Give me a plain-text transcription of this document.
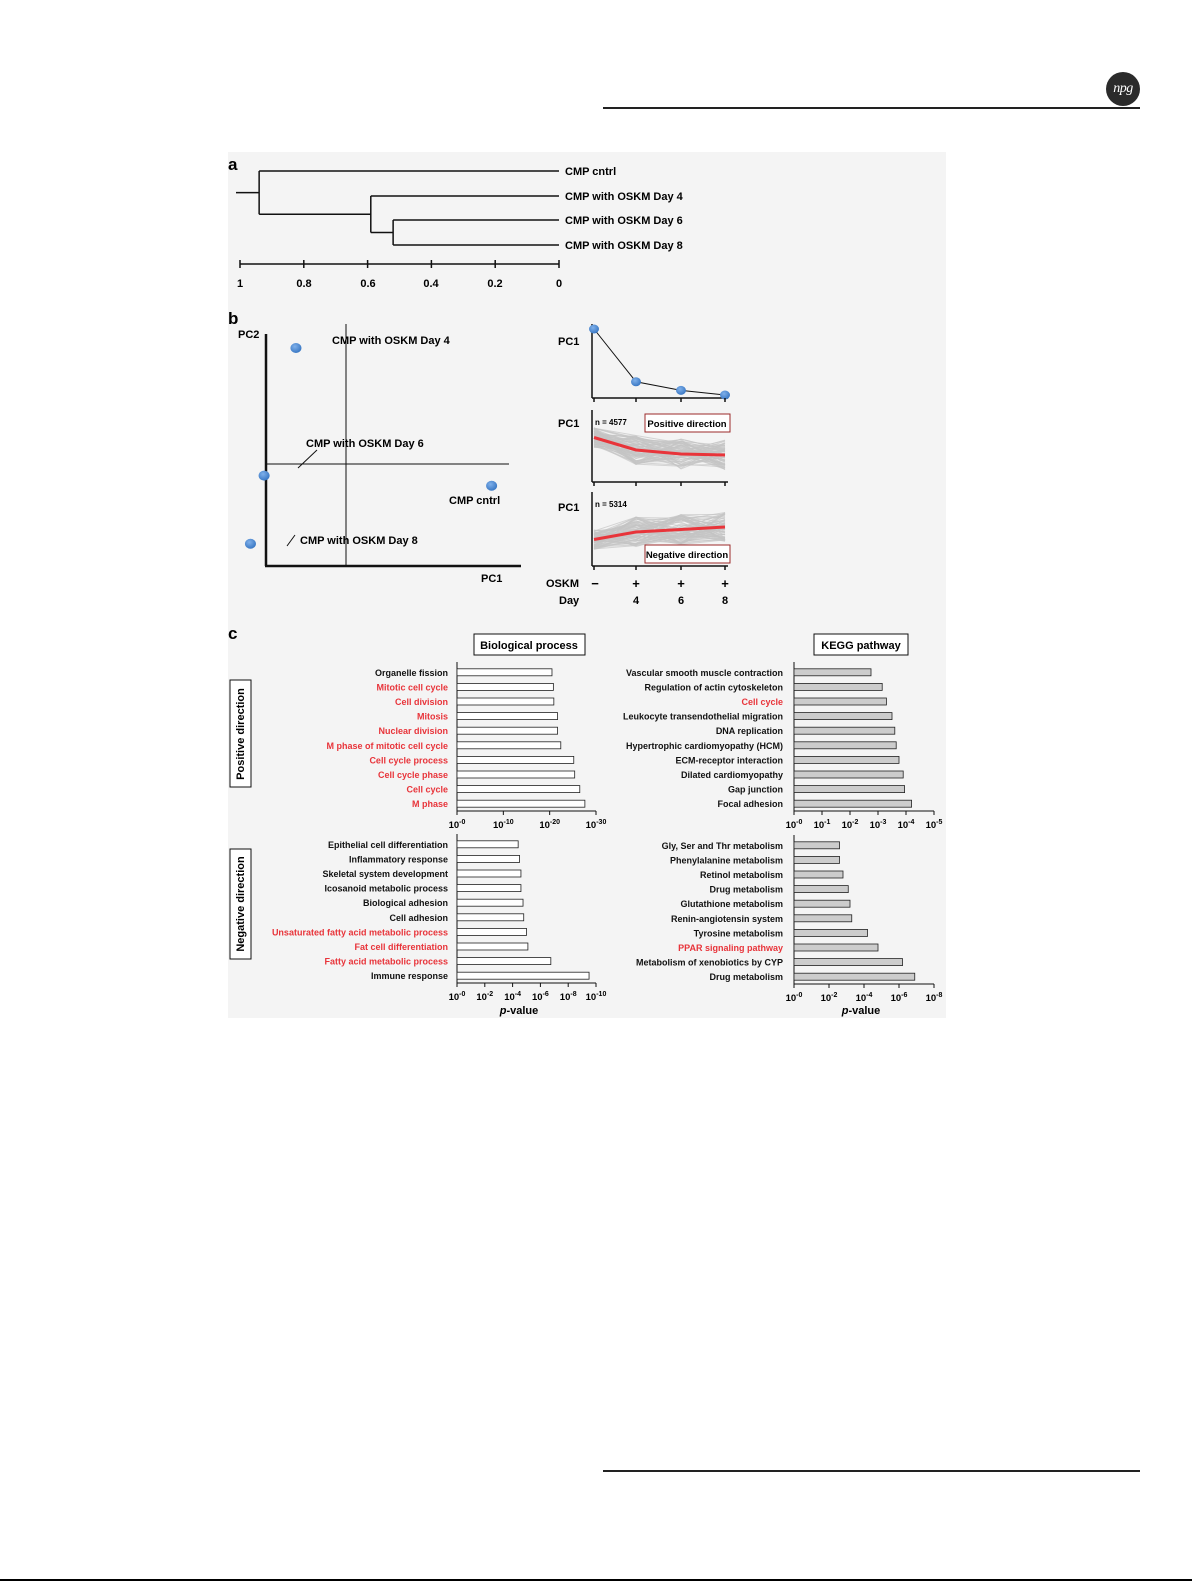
npg
a	CMP cntrl
CMP with OSKM Day 4
CMP with OSKM Day 6
CMP with OSKM Day 8
1	0.8	0.6	0.4	0.2	0
b
PC2
PC1
CMP with OSKM Day 4
CMP with OSKM Day 6
CMP cntrl
CMP with OSKM Day 8
PC1
PC1
PC1
n = 4577 Positive direction
n = 5314
Negative direction
OSKM −	+	+	+
Day	4	6	8
c
Biological process	KEGG pathway
Positive direction
Negative direction
Organelle fission
Mitotic cell cycle
Cell division
Mitosis
Nuclear division
M phase of mitotic cell cycle
Cell cycle process
Cell cycle phase
Cell cycle
M phase
$10^{-0}$	$10^{-10}$	$10^{-20}$	$10^{-30}$
Vascular smooth muscle contraction
Regulation of actin cytoskeleton
Cell cycle
Leukocyte transendothelial migration
DNA replication
Hypertrophic cardiomyopathy (HCM)
ECM-receptor interaction
Dilated cardiomyopathy
Gap junction
Focal adhesion
$10^{-0}$ $10^{-1}$ $10^{-2}$ $10^{-3}$ $10^{-4}$ $10^{-5}$
Epithelial cell differentiation
Inflammatory response
Skeletal system development
Icosanoid metabolic process
Biological adhesion
Cell adhesion
Unsaturated fatty acid metabolic process
Fat cell differentiation
Fatty acid metabolic process
Immune response
$10^{-0}$ $10^{-2}$ $10^{-4}$ $10^{-6}$ $10^{-8}$ $10^{-10}$
Gly, Ser and Thr metabolism
Phenylalanine metabolism
Retinol metabolism
Drug metabolism
Glutathione metabolism
Renin-angiotensin system
Tyrosine metabolism
PPAR signaling pathway
Metabolism of xenobiotics by CYP
Drug metabolism
$10^{-0}$ $10^{-2}$ $10^{-4}$ $10^{-6}$ $10^{-8}$
p-value	p-value
